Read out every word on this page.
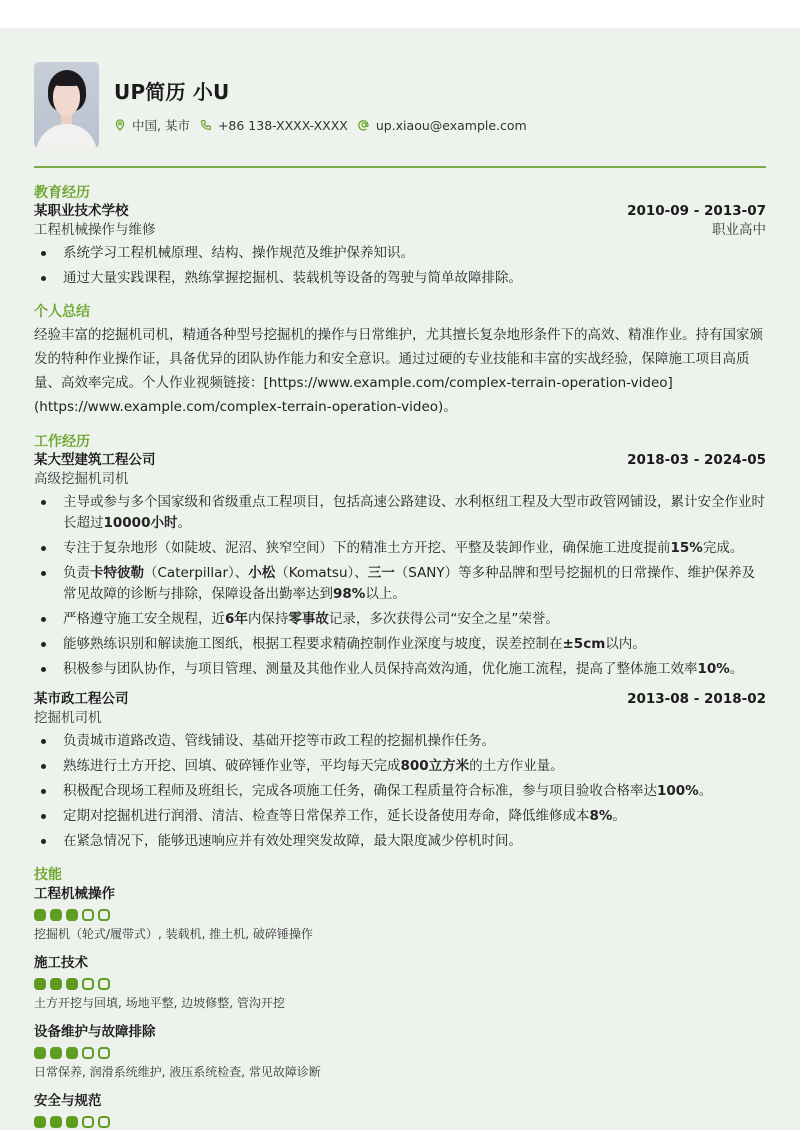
UP简历 小U
中国, 某市 +86 138-XXXX-XXXX up.xiaou@example.com
教育经历
某职业技术学校	2010-09 - 2013-07
工程机械操作与维修	职业高中
系统学习工程机械原理、结构、操作规范及维护保养知识。
通过大量实践课程，熟练掌握挖掘机、装载机等设备的驾驶与简单故障排除。
个人总结
经验丰富的挖掘机司机，精通各种型号挖掘机的操作与日常维护，尤其擅长复杂地形条件下的高效、精准作业。持有国家颁发的特种作业操作证，具备优异的团队协作能力和安全意识。通过过硬的专业技能和丰富的实战经验，保障施工项目高质量、高效率完成。个人作业视频链接：[https://www.example.com/complex-terrain-operation-video](https://www.example.com/complex-terrain-operation-video)。
工作经历
某大型建筑工程公司	2018-03 - 2024-05
高级挖掘机司机
主导或参与多个国家级和省级重点工程项目，包括高速公路建设、水利枢纽工程及大型市政管网铺设，累计安全作业时长超过10000小时。
专注于复杂地形（如陡坡、泥沼、狭窄空间）下的精准土方开挖、平整及装卸作业，确保施工进度提前15%完成。
负责卡特彼勒（Caterpillar）、小松（Komatsu）、三一（SANY）等多种品牌和型号挖掘机的日常操作、维护保养及常见故障的诊断与排除，保障设备出勤率达到98%以上。
严格遵守施工安全规程，近6年内保持零事故记录，多次获得公司“安全之星”荣誉。
能够熟练识别和解读施工图纸，根据工程要求精确控制作业深度与坡度，误差控制在±5cm以内。
积极参与团队协作，与项目管理、测量及其他作业人员保持高效沟通，优化施工流程，提高了整体施工效率10%。
某市政工程公司	2013-08 - 2018-02
挖掘机司机
负责城市道路改造、管线铺设、基础开挖等市政工程的挖掘机操作任务。
熟练进行土方开挖、回填、破碎锤作业等，平均每天完成800立方米的土方作业量。
积极配合现场工程师及班组长，完成各项施工任务，确保工程质量符合标准，参与项目验收合格率达100%。
定期对挖掘机进行润滑、清洁、检查等日常保养工作，延长设备使用寿命，降低维修成本8%。
在紧急情况下，能够迅速响应并有效处理突发故障，最大限度减少停机时间。
技能
工程机械操作
挖掘机（轮式/履带式）, 装载机, 推土机, 破碎锤操作
施工技术
土方开挖与回填, 场地平整, 边坡修整, 管沟开挖
设备维护与故障排除
日常保养, 润滑系统维护, 液压系统检查, 常见故障诊断
安全与规范
